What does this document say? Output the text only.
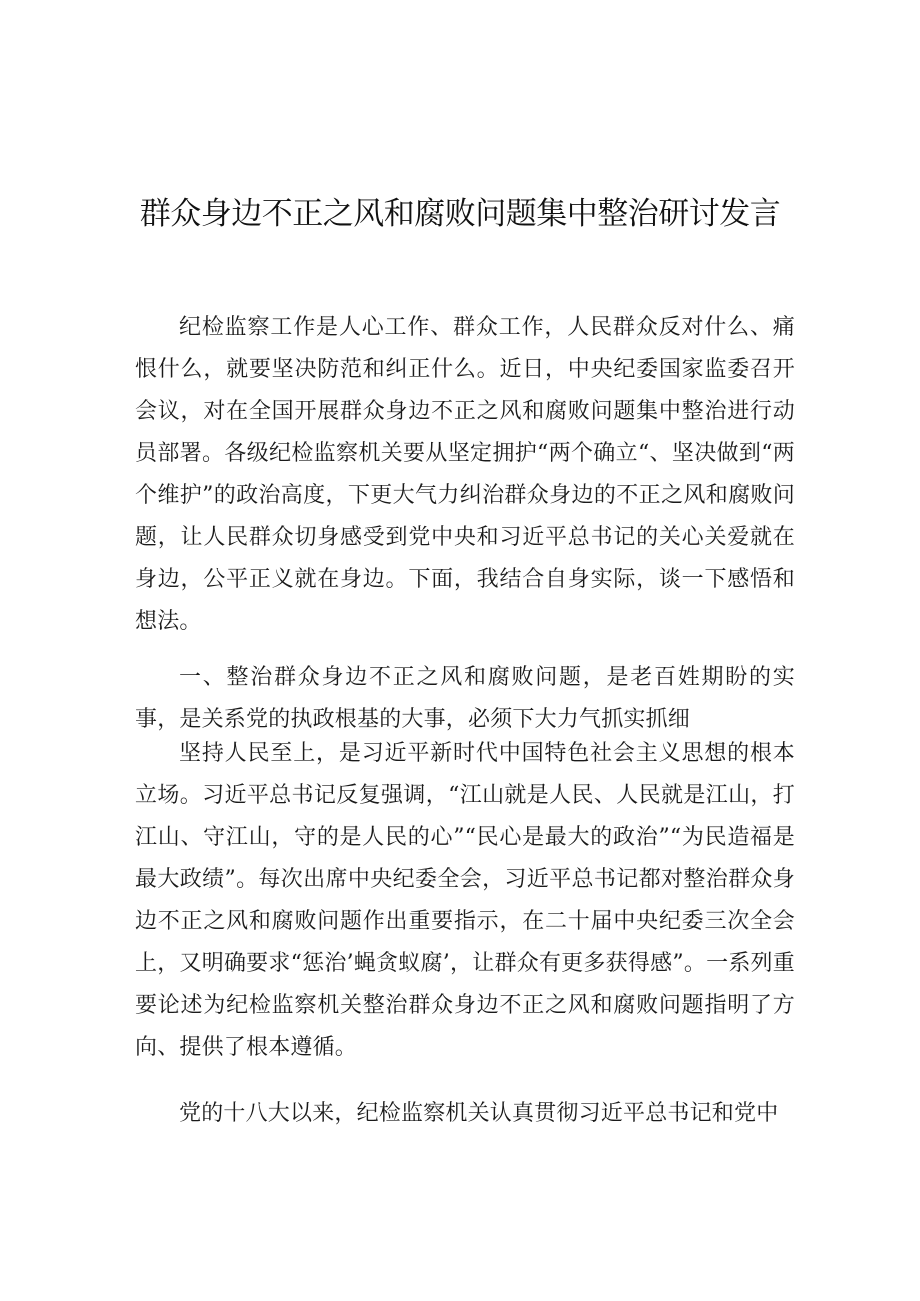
群众身边不正之风和腐败问题集中整治研讨发言

纪检监察工作是人心工作、群众工作，人民群众反对什么、痛恨什么，就要坚决防范和纠正什么。近日，中央纪委国家监委召开会议，对在全国开展群众身边不正之风和腐败问题集中整治进行动员部署。各级纪检监察机关要从坚定拥护“两个确立“、坚决做到“两个维护”的政治高度，下更大气力纠治群众身边的不正之风和腐败问题，让人民群众切身感受到党中央和习近平总书记的关心关爱就在身边，公平正义就在身边。下面，我结合自身实际，谈一下感悟和想法。

一、整治群众身边不正之风和腐败问题，是老百姓期盼的实事，是关系党的执政根基的大事，必须下大力气抓实抓细

坚持人民至上，是习近平新时代中国特色社会主义思想的根本立场。习近平总书记反复强调，“江山就是人民、人民就是江山，打江山、守江山，守的是人民的心”“民心是最大的政治”“为民造福是最大政绩”。每次出席中央纪委全会，习近平总书记都对整治群众身边不正之风和腐败问题作出重要指示，在二十届中央纪委三次全会上，又明确要求“惩治’蝇贪蚁腐’，让群众有更多获得感”。一系列重要论述为纪检监察机关整治群众身边不正之风和腐败问题指明了方向、提供了根本遵循。

党的十八大以来，纪检监察机关认真贯彻习近平总书记和党中
